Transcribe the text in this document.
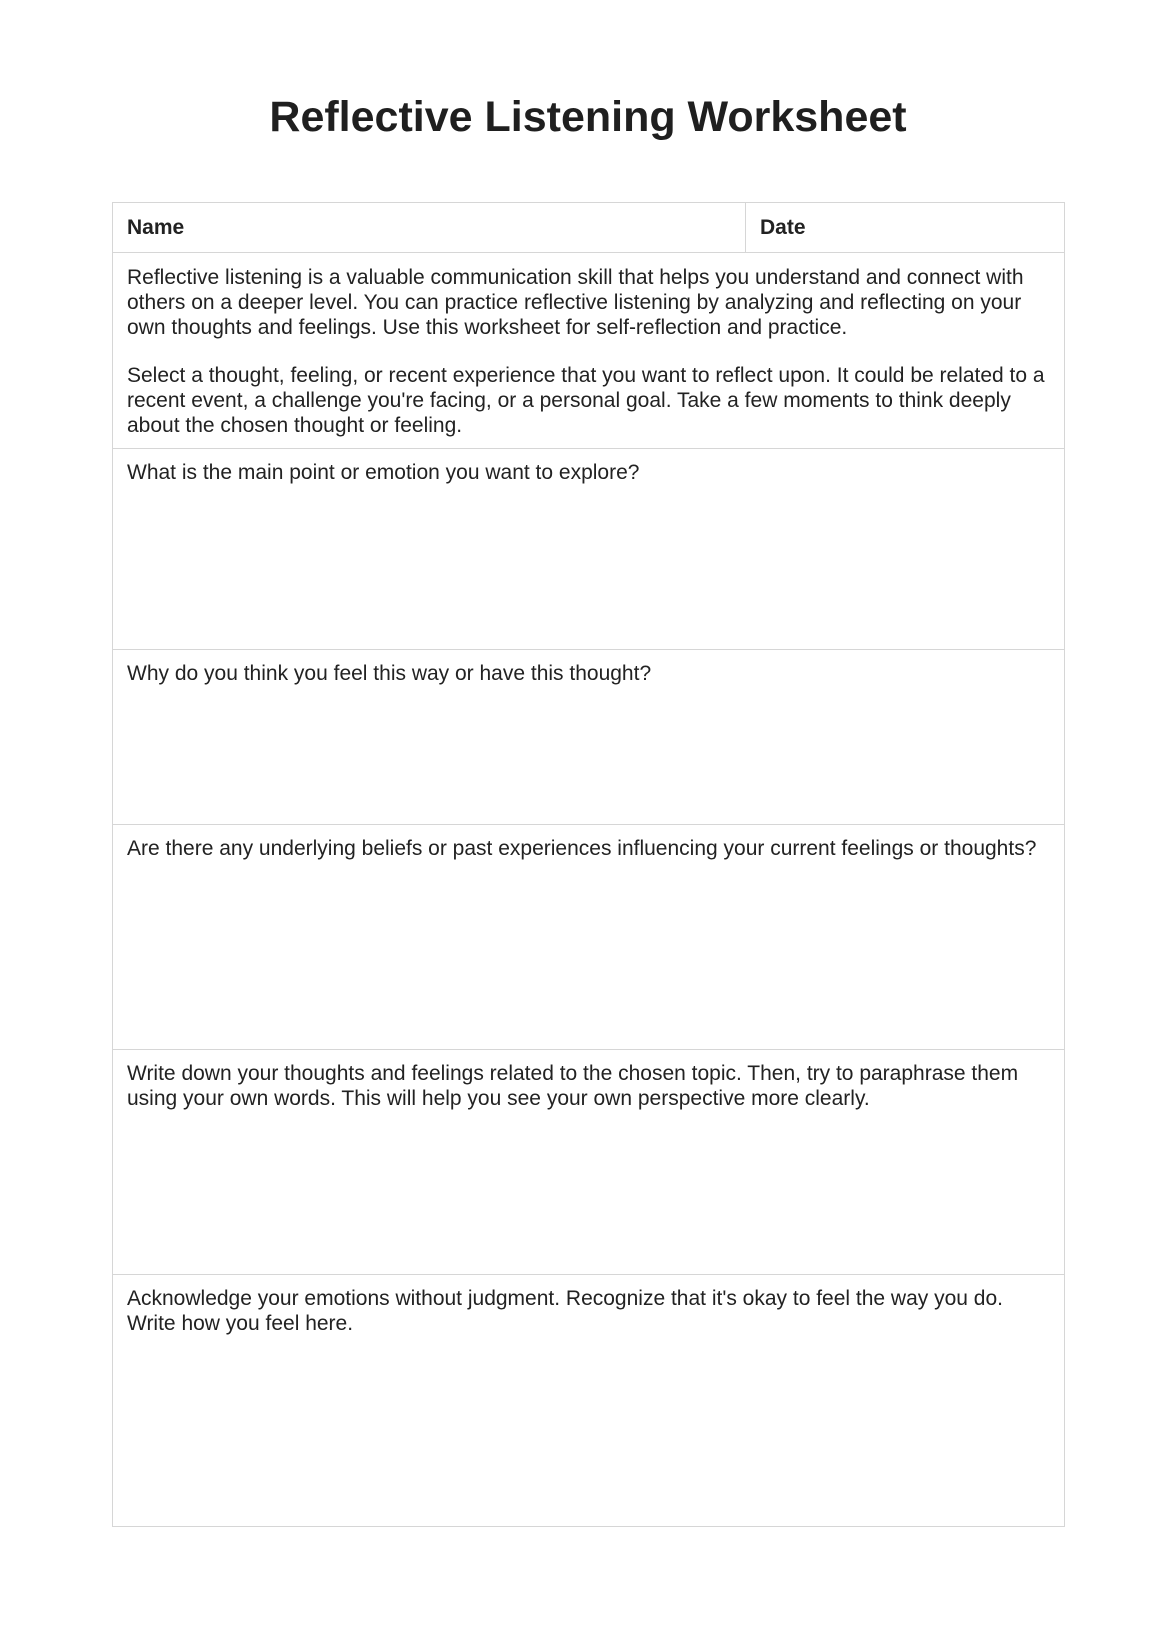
Reflective Listening Worksheet
Name	Date

Reflective listening is a valuable communication skill that helps you understand and connect with others on a deeper level. You can practice reflective listening by analyzing and reflecting on your own thoughts and feelings. Use this worksheet for self-reflection and practice.

Select a thought, feeling, or recent experience that you want to reflect upon. It could be related to a recent event, a challenge you're facing, or a personal goal. Take a few moments to think deeply about the chosen thought or feeling.

What is the main point or emotion you want to explore?
Why do you think you feel this way or have this thought?
Are there any underlying beliefs or past experiences influencing your current feelings or thoughts?
Write down your thoughts and feelings related to the chosen topic. Then, try to paraphrase them using your own words. This will help you see your own perspective more clearly.
Acknowledge your emotions without judgment. Recognize that it's okay to feel the way you do. Write how you feel here.
